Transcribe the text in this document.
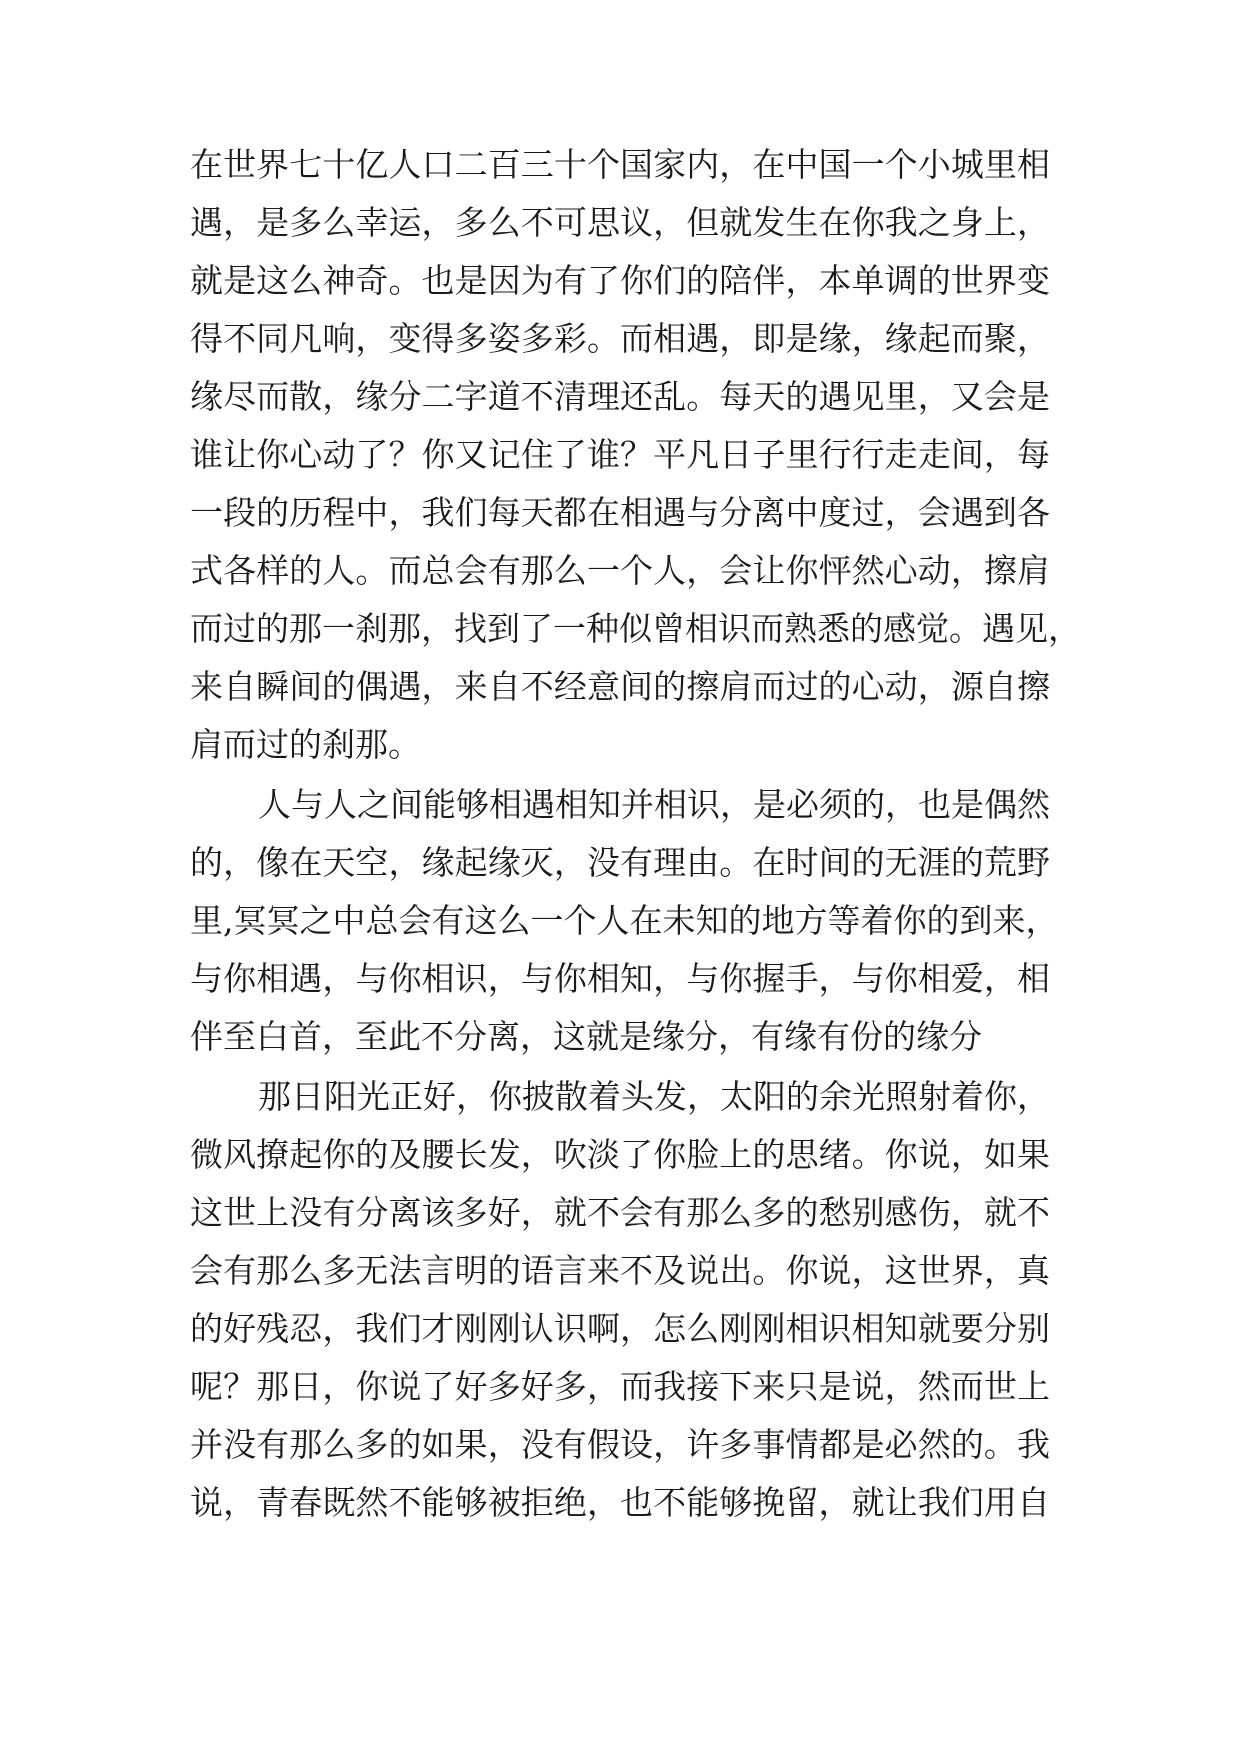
在世界七十亿人口二百三十个国家内，在中国一个小城里相
遇，是多么幸运，多么不可思议，但就发生在你我之身上，
就是这么神奇。也是因为有了你们的陪伴，本单调的世界变
得不同凡响，变得多姿多彩。而相遇，即是缘，缘起而聚，
缘尽而散，缘分二字道不清理还乱。每天的遇见里，又会是
谁让你心动了？你又记住了谁？平凡日子里行行走走间，每
一段的历程中，我们每天都在相遇与分离中度过，会遇到各
式各样的人。而总会有那么一个人，会让你怦然心动，擦肩
而过的那一刹那，找到了一种似曾相识而熟悉的感觉。遇见，
来自瞬间的偶遇，来自不经意间的擦肩而过的心动，源自擦
肩而过的刹那。
人与人之间能够相遇相知并相识，是必须的，也是偶然
的，像在天空，缘起缘灭，没有理由。在时间的无涯的荒野
里,冥冥之中总会有这么一个人在未知的地方等着你的到来，
与你相遇，与你相识，与你相知，与你握手，与你相爱，相
伴至白首，至此不分离，这就是缘分，有缘有份的缘分
那日阳光正好，你披散着头发，太阳的余光照射着你，
微风撩起你的及腰长发，吹淡了你脸上的思绪。你说，如果
这世上没有分离该多好，就不会有那么多的愁别感伤，就不
会有那么多无法言明的语言来不及说出。你说，这世界，真
的好残忍，我们才刚刚认识啊，怎么刚刚相识相知就要分别
呢？那日，你说了好多好多，而我接下来只是说，然而世上
并没有那么多的如果，没有假设，许多事情都是必然的。我
说，青春既然不能够被拒绝，也不能够挽留，就让我们用自
